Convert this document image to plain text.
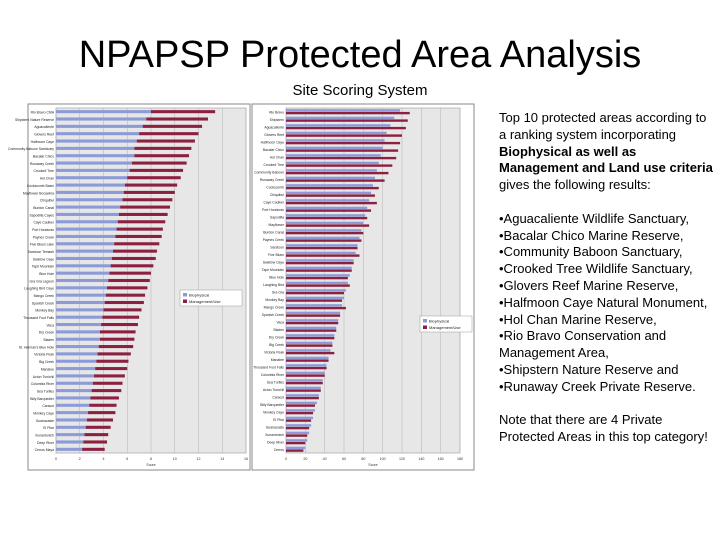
NPAPSP Protected Area Analysis
Site Scoring System
0	2	4	6	8	10	12	14	16
Score
Rio Bravo CMA
Shipstern Nature Reserve
Aguacaliente
Glovers Reef
Halfmoon Caye
Community Baboon Sanctuary
Bacalar Chico
Runaway Creek
Crooked Tree
Hol Chan
Cockscomb Basin
Mayflower Bocawina
Chiquibul
Burdon Canal
Sapodilla Cayes
Caye Caulker
Port Honduras
Paynes Creek
Five Blues Lake
Sarstoon Temash
Swallow Caye
Tapir Mountain
Blue Hole
Gra Gra Lagoon
Laughing Bird Caye
Mango Creek
Spanish Creek
Monkey Bay
Thousand Foot Falls
Vaca
Dry Creek
Bladen
St. Herman's Blue Hole
Victoria Peak
Big Creek
Manatee
Actun Tunichil
Columbia River
Sea Turtles
Billy Barquedier
Caracol
Monkey Caye
Guanacaste
El Pilar
Xunantunich
Deep River
Cerros Maya
Biophysical
Management/Use
0	20	40	60	80	100	120	140	160	180
Score
Rio Bravo
Shipstern
Aguacaliente
Glovers Reef
Halfmoon Caye
Bacalar Chico
Hol Chan
Crooked Tree
Community Baboon
Runaway Creek
Cockscomb
Chiquibul
Caye Caulker
Port Honduras
Sapodilla
Mayflower
Burdon Canal
Paynes Creek
Sarstoon
Five Blues
Swallow Caye
Tapir Mountain
Blue Hole
Laughing Bird
Gra Gra
Monkey Bay
Mango Creek
Spanish Creek
Vaca
Bladen
Dry Creek
Big Creek
Victoria Peak
Manatee
Thousand Foot Falls
Columbia River
Sea Turtles
Actun Tunichil
Caracol
Billy Barquedier
Monkey Caye
El Pilar
Guanacaste
Xunantunich
Deep River
Cerros
Biophysical
Management/Use

Top 10 protected areas according to a ranking system incorporating Biophysical as well as Management and Land use criteria gives the following results:

•Aguacaliente Wildlife Sanctuary,
•Bacalar Chico Marine Reserve,
•Community Baboon Sanctuary,
•Crooked Tree Wildlife Sanctuary,
•Glovers Reef Marine Reserve,
•Halfmoon Caye Natural Monument,
•Hol Chan Marine Reserve,
•Rio Bravo Conservation and Management Area,
•Shipstern Nature Reserve and
•Runaway Creek Private Reserve.

Note that there are 4 Private Protected Areas in this top category!
